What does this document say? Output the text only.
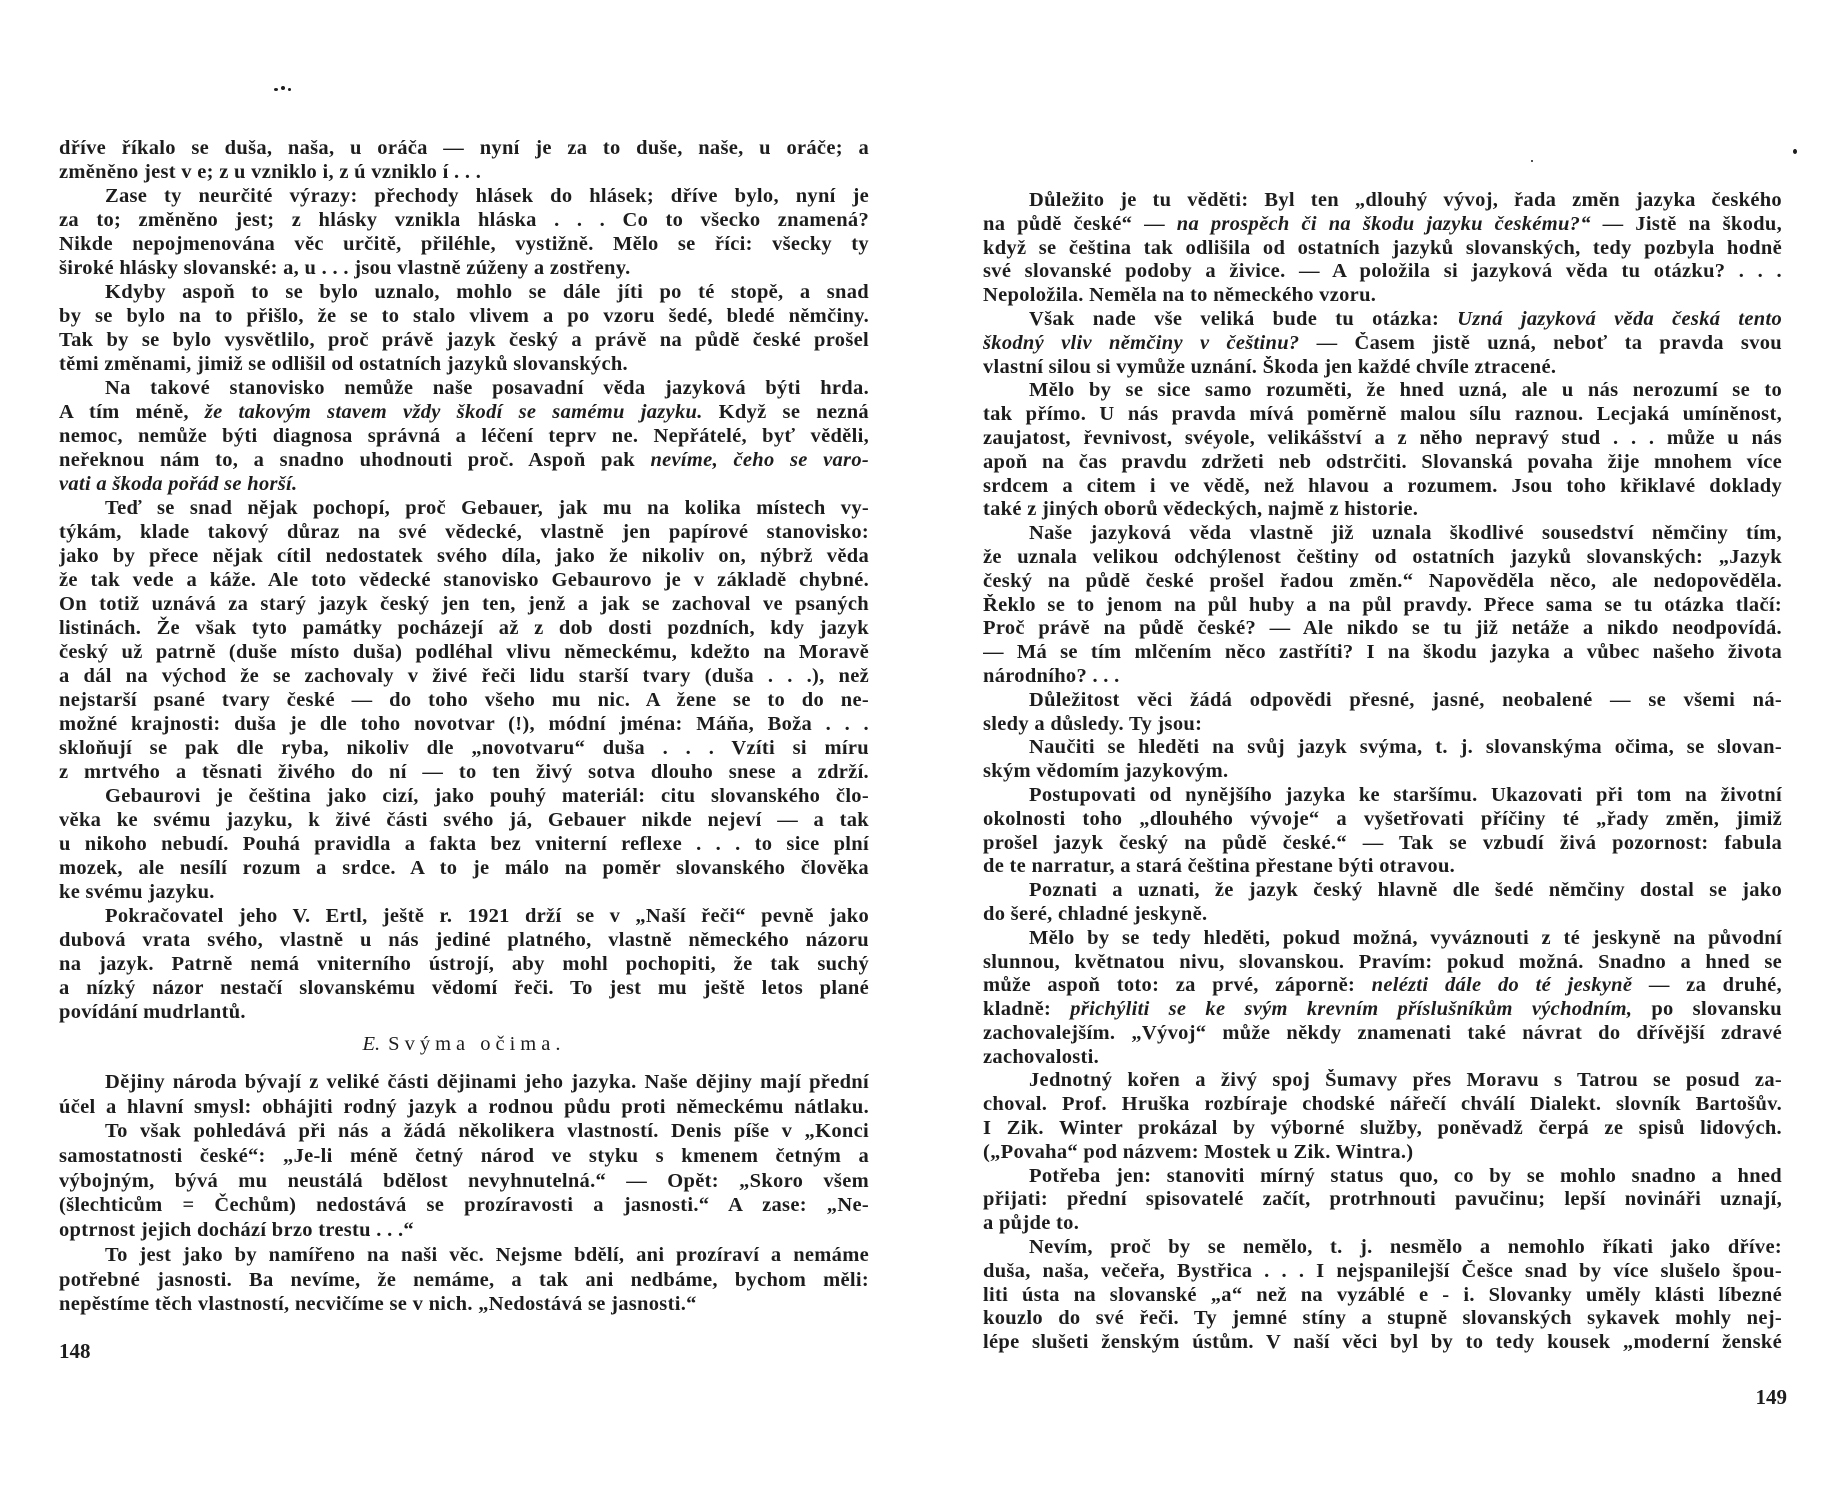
dříve říkalo se duša, naša, u oráča — nyní je za to duše, naše, u oráče; a
změněno jest v e; z u vzniklo i, z ú vzniklo í . . .
Zase ty neurčité výrazy: přechody hlásek do hlásek; dříve bylo, nyní je
za to; změněno jest; z hlásky vznikla hláska . . . Co to všecko znamená?
Nikde nepojmenována věc určitě, přiléhle, vystižně. Mělo se říci: všecky ty
široké hlásky slovanské: a, u . . . jsou vlastně zúženy a zostřeny.
Kdyby aspoň to se bylo uznalo, mohlo se dále jíti po té stopě, a snad
by se bylo na to přišlo, že se to stalo vlivem a po vzoru šedé, bledé němčiny.
Tak by se bylo vysvětlilo, proč právě jazyk český a právě na půdě české prošel
těmi změnami, jimiž se odlišil od ostatních jazyků slovanských.
Na takové stanovisko nemůže naše posavadní věda jazyková býti hrda.
A tím méně, že takovým stavem vždy škodí se samému jazyku. Když se nezná
nemoc, nemůže býti diagnosa správná a léčení teprv ne. Nepřátelé, byť věděli,
neřeknou nám to, a snadno uhodnouti proč. Aspoň pak nevíme, čeho se varo-
vati a škoda pořád se horší.
Teď se snad nějak pochopí, proč Gebauer, jak mu na kolika místech vy-
týkám, klade takový důraz na své vědecké, vlastně jen papírové stanovisko:
jako by přece nějak cítil nedostatek svého díla, jako že nikoliv on, nýbrž věda
že tak vede a káže. Ale toto vědecké stanovisko Gebaurovo je v základě chybné.
On totiž uznává za starý jazyk český jen ten, jenž a jak se zachoval ve psaných
listinách. Že však tyto památky pocházejí až z dob dosti pozdních, kdy jazyk
český už patrně (duše místo duša) podléhal vlivu německému, kdežto na Moravě
a dál na východ že se zachovaly v živé řeči lidu starší tvary (duša . . .), než
nejstarší psané tvary české — do toho všeho mu nic. A žene se to do ne-
možné krajnosti: duša je dle toho novotvar (!), módní jména: Máňa, Boža . . .
skloňují se pak dle ryba, nikoliv dle „novotvaru“ duša . . . Vzíti si míru
z mrtvého a těsnati živého do ní — to ten živý sotva dlouho snese a zdrží.
Gebaurovi je čeština jako cizí, jako pouhý materiál: citu slovanského člo-
věka ke svému jazyku, k živé části svého já, Gebauer nikde nejeví — a tak
u nikoho nebudí. Pouhá pravidla a fakta bez vniterní reflexe . . . to sice plní
mozek, ale nesílí rozum a srdce. A to je málo na poměr slovanského člověka
ke svému jazyku.
Pokračovatel jeho V. Ertl, ještě r. 1921 drží se v „Naší řeči“ pevně jako
dubová vrata svého, vlastně u nás jediné platného, vlastně německého názoru
na jazyk. Patrně nemá vniterního ústrojí, aby mohl pochopiti, že tak suchý
a nízký názor nestačí slovanskému vědomí řeči. To jest mu ještě letos plané
povídání mudrlantů.
E. Svýma očima.
Dějiny národa bývají z veliké části dějinami jeho jazyka. Naše dějiny mají přední
účel a hlavní smysl: obhájiti rodný jazyk a rodnou půdu proti německému nátlaku.
To však pohledává při nás a žádá několikera vlastností. Denis píše v „Konci
samostatnosti české“: „Je-li méně četný národ ve styku s kmenem četným a
výbojným, bývá mu neustálá bdělost nevyhnutelná.“ — Opět: „Skoro všem
(šlechticům = Čechům) nedostává se prozíravosti a jasnosti.“ A zase: „Ne-
optrnost jejich dochází brzo trestu . . .“
To jest jako by namířeno na naši věc. Nejsme bdělí, ani prozíraví a nemáme
potřebné jasnosti. Ba nevíme, že nemáme, a tak ani nedbáme, bychom měli:
nepěstíme těch vlastností, necvičíme se v nich. „Nedostává se jasnosti.“
148
Důležito je tu věděti: Byl ten „dlouhý vývoj, řada změn jazyka českého
na půdě české“ — na prospěch či na škodu jazyku českému?“ — Jistě na škodu,
když se čeština tak odlišila od ostatních jazyků slovanských, tedy pozbyla hodně
své slovanské podoby a živice. — A položila si jazyková věda tu otázku? . . .
Nepoložila. Neměla na to německého vzoru.
Však nade vše veliká bude tu otázka: Uzná jazyková věda česká tento
škodný vliv němčiny v češtinu? — Časem jistě uzná, neboť ta pravda svou
vlastní silou si vymůže uznání. Škoda jen každé chvíle ztracené.
Mělo by se sice samo rozuměti, že hned uzná, ale u nás nerozumí se to
tak přímo. U nás pravda mívá poměrně malou sílu raznou. Lecjaká umíněnost,
zaujatost, řevnivost, svéyole, velikášství a z něho nepravý stud . . . může u nás
apoň na čas pravdu zdržeti neb odstrčiti. Slovanská povaha žije mnohem více
srdcem a citem i ve vědě, než hlavou a rozumem. Jsou toho křiklavé doklady
také z jiných oborů vědeckých, najmě z historie.
Naše jazyková věda vlastně již uznala škodlivé sousedství němčiny tím,
že uznala velikou odchýlenost češtiny od ostatních jazyků slovanských: „Jazyk
český na půdě české prošel řadou změn.“ Napověděla něco, ale nedopověděla.
Řeklo se to jenom na půl huby a na půl pravdy. Přece sama se tu otázka tlačí:
Proč právě na půdě české? — Ale nikdo se tu již netáže a nikdo neodpovídá.
— Má se tím mlčením něco zastříti? I na škodu jazyka a vůbec našeho života
národního? . . .
Důležitost věci žádá odpovědi přesné, jasné, neobalené — se všemi ná-
sledy a důsledy. Ty jsou:
Naučiti se hleděti na svůj jazyk svýma, t. j. slovanskýma očima, se slovan-
ským vědomím jazykovým.
Postupovati od nynějšího jazyka ke staršímu. Ukazovati při tom na životní
okolnosti toho „dlouhého vývoje“ a vyšetřovati příčiny té „řady změn, jimiž
prošel jazyk český na půdě české.“ — Tak se vzbudí živá pozornost: fabula
de te narratur, a stará čeština přestane býti otravou.
Poznati a uznati, že jazyk český hlavně dle šedé němčiny dostal se jako
do šeré, chladné jeskyně.
Mělo by se tedy hleděti, pokud možná, vyváznouti z té jeskyně na původní
slunnou, květnatou nivu, slovanskou. Pravím: pokud možná. Snadno a hned se
může aspoň toto: za prvé, záporně: nelézti dále do té jeskyně — za druhé,
kladně: přichýliti se ke svým krevním příslušníkům východním, po slovansku
zachovalejším. „Vývoj“ může někdy znamenati také návrat do dřívější zdravé
zachovalosti.
Jednotný kořen a živý spoj Šumavy přes Moravu s Tatrou se posud za-
choval. Prof. Hruška rozbíraje chodské nářečí chválí Dialekt. slovník Bartošův.
I Zik. Winter prokázal by výborné služby, poněvadž čerpá ze spisů lidových.
(„Povaha“ pod názvem: Mostek u Zik. Wintra.)
Potřeba jen: stanoviti mírný status quo, co by se mohlo snadno a hned
přijati: přední spisovatelé začít, protrhnouti pavučinu; lepší novináři uznají,
a půjde to.
Nevím, proč by se nemělo, t. j. nesmělo a nemohlo říkati jako dříve:
duša, naša, večeřa, Bystřica . . . I nejspanilejší Češce snad by více slušelo špou-
liti ústa na slovanské „a“ než na vyzáblé e - i. Slovanky uměly klásti líbezné
kouzlo do své řeči. Ty jemné stíny a stupně slovanských sykavek mohly nej-
lépe slušeti ženským ústům. V naší věci byl by to tedy kousek „moderní ženské
149
